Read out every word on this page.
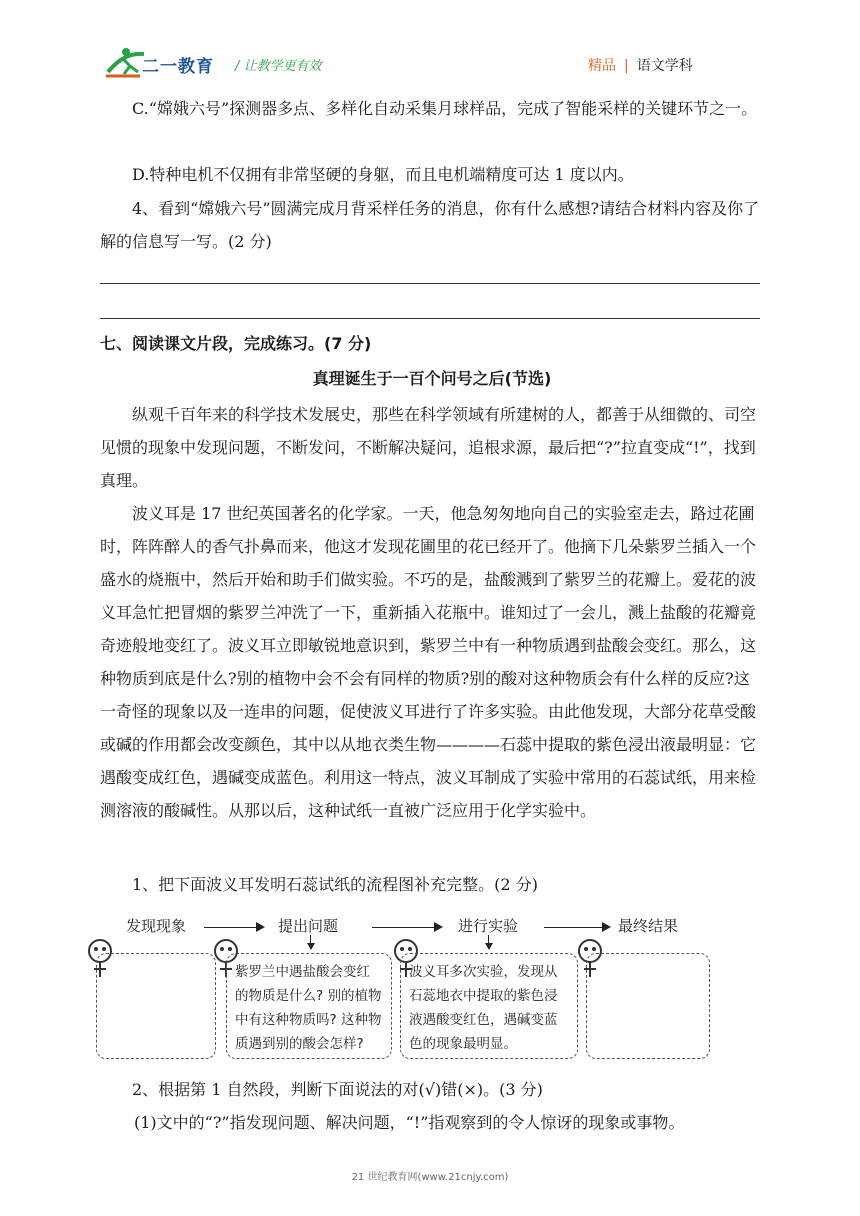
二一教育 / 让教学更有效	精品 | 语文学科
C.“嫦娥六号”探测器多点、多样化自动采集月球样品，完成了智能采样的关键环节之一。
D.特种电机不仅拥有非常坚硬的身躯，而且电机端精度可达 1 度以内。
4、看到“嫦娥六号”圆满完成月背采样任务的消息，你有什么感想?请结合材料内容及你了解的信息写一写。(2 分)
七、阅读课文片段，完成练习。(7 分)
真理诞生于一百个问号之后(节选)
纵观千百年来的科学技术发展史，那些在科学领域有所建树的人，都善于从细微的、司空见惯的现象中发现问题，不断发问，不断解决疑问，追根求源，最后把“?”拉直变成“!”，找到真理。
波义耳是 17 世纪英国著名的化学家。一天，他急匆匆地向自己的实验室走去，路过花圃时，阵阵醉人的香气扑鼻而来，他这才发现花圃里的花已经开了。他摘下几朵紫罗兰插入一个盛水的烧瓶中，然后开始和助手们做实验。不巧的是，盐酸溅到了紫罗兰的花瓣上。爱花的波义耳急忙把冒烟的紫罗兰冲洗了一下，重新插入花瓶中。谁知过了一会儿，溅上盐酸的花瓣竟奇迹般地变红了。波义耳立即敏锐地意识到，紫罗兰中有一种物质遇到盐酸会变红。那么，这种物质到底是什么?别的植物中会不会有同样的物质?别的酸对这种物质会有什么样的反应?这一奇怪的现象以及一连串的问题，促使波义耳进行了许多实验。由此他发现，大部分花草受酸或碱的作用都会改变颜色，其中以从地衣类生物————石蕊中提取的紫色浸出液最明显：它遇酸变成红色，遇碱变成蓝色。利用这一特点，波义耳制成了实验中常用的石蕊试纸，用来检测溶液的酸碱性。从那以后，这种试纸一直被广泛应用于化学实验中。
1、把下面波义耳发明石蕊试纸的流程图补充完整。(2 分)
发现现象	提出问题	进行实验	最终结果
紫罗兰中遇盐酸会变红的物质是什么? 别的植物中有这种物质吗? 这种物质遇到别的酸会怎样?
波义耳多次实验，发现从石蕊地衣中提取的紫色浸液遇酸变红色，遇碱变蓝色的现象最明显。
2、根据第 1 自然段，判断下面说法的对(√)错(×)。(3 分)
(1)文中的“?”指发现问题、解决问题，“!”指观察到的令人惊讶的现象或事物。
21 世纪教育网(www.21cnjy.com)
